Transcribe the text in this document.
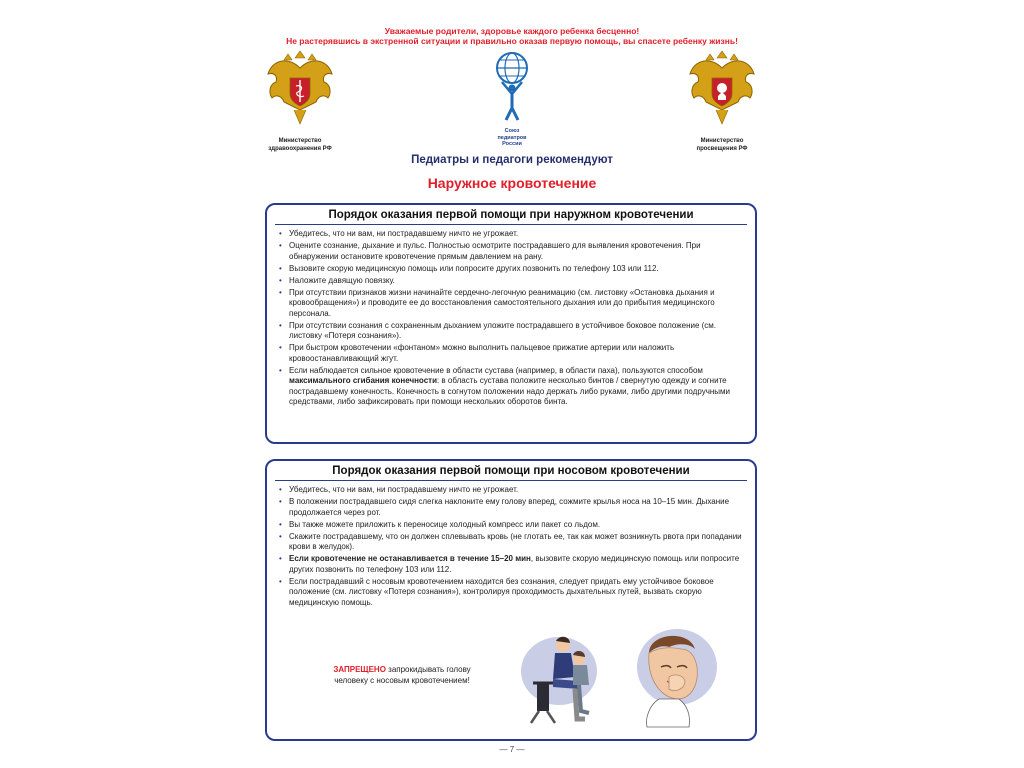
Уважаемые родители, здоровье каждого ребенка бесценно!
Не растерявшись в экстренной ситуации и правильно оказав первую помощь, вы спасете ребенку жизнь!
Министерство
здравоохранения РФ
Союз
педиатров
России	Министерство
просвещения РФ
Педиатры и педагоги рекомендуют
Наружное кровотечение
Порядок оказания первой помощи при наружном кровотечении
• Убедитесь, что ни вам, ни пострадавшему ничто не угрожает.
• Оцените сознание, дыхание и пульс. Полностью осмотрите пострадавшего для выявления кровотечения. При обнаружении остановите кровотечение прямым давлением на рану.
• Вызовите скорую медицинскую помощь или попросите других позвонить по телефону 103 или 112.
• Наложите давящую повязку.
• При отсутствии признаков жизни начинайте сердечно-легочную реанимацию (см. листовку «Остановка дыхания и кровообращения») и проводите ее до восстановления самостоятельного дыхания или до прибытия медицинского персонала.
• При отсутствии сознания с сохраненным дыханием уложите пострадавшего в устойчивое боковое положение (см. листовку «Потеря сознания»).
• При быстром кровотечении «фонтаном» можно выполнить пальцевое прижатие артерии или наложить кровоостанавливающий жгут.
• Если наблюдается сильное кровотечение в области сустава (например, в области паха), пользуются способом максимального сгибания конечности: в область сустава положите несколько бинтов / свернутую одежду и согните пострадавшему конечность. Конечность в согнутом положении надо держать либо руками, либо другими подручными средствами, либо зафиксировать при помощи нескольких оборотов бинта.
Порядок оказания первой помощи при носовом кровотечении
• Убедитесь, что ни вам, ни пострадавшему ничто не угрожает.
• В положении пострадавшего сидя слегка наклоните ему голову вперед, сожмите крылья носа на 10–15 мин. Дыхание продолжается через рот.
• Вы также можете приложить к переносице холодный компресс или пакет со льдом.
• Скажите пострадавшему, что он должен сплевывать кровь (не глотать ее, так как может возникнуть рвота при попадании крови в желудок).
• Если кровотечение не останавливается в течение 15–20 мин, вызовите скорую медицинскую помощь или попросите других позвонить по телефону 103 или 112.
• Если пострадавший с носовым кровотечением находится без сознания, следует придать ему устойчивое боковое положение (см. листовку «Потеря сознания»), контролируя проходимость дыхательных путей, вызвать скорую медицинскую помощь.
ЗАПРЕЩЕНО запрокидывать голову
человеку с носовым кровотечением!
— 7 —
